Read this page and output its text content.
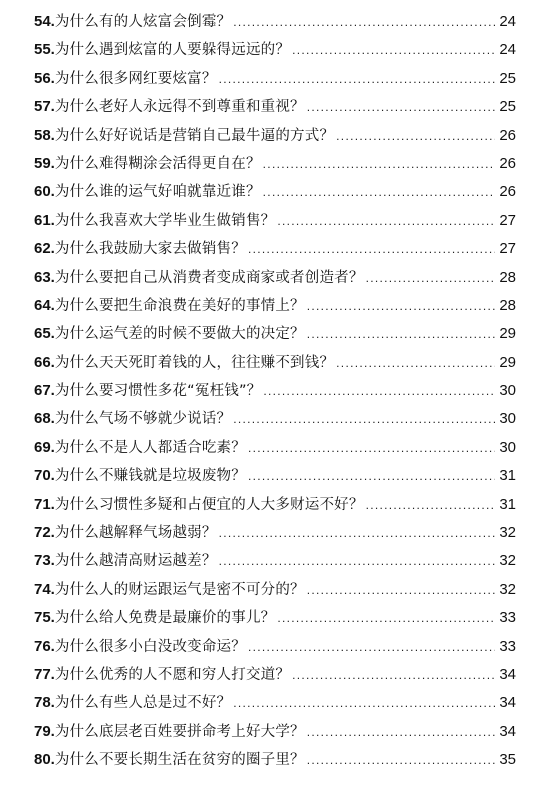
54. 为什么有的人炫富会倒霉？ .....	24
55. 为什么遇到炫富的人要躲得远远的？ .....	24
56. 为什么很多网红要炫富？ .....	25
57. 为什么老好人永远得不到尊重和重视？ .....	25
58. 为什么好好说话是营销自己最牛逼的方式？ .....	26
59. 为什么难得糊涂会活得更自在？ .....	26
60. 为什么谁的运气好咱就靠近谁？ .....	26
61. 为什么我喜欢大学毕业生做销售？ .....	27
62. 为什么我鼓励大家去做销售？ .....	27
63. 为什么要把自己从消费者变成商家或者创造者？ .....	28
64. 为什么要把生命浪费在美好的事情上？ .....	28
65. 为什么运气差的时候不要做大的决定？ .....	29
66. 为什么天天死盯着钱的人，往往赚不到钱？ .....	29
67. 为什么要习惯性多花“冤枉钱”？ .....	30
68. 为什么气场不够就少说话？ .....	30
69. 为什么不是人人都适合吃素？ .....	30
70. 为什么不赚钱就是垃圾废物？ .....	31
71. 为什么习惯性多疑和占便宜的人大多财运不好？ .....	31
72. 为什么越解释气场越弱？ .....	32
73. 为什么越清高财运越差？ .....	32
74. 为什么人的财运跟运气是密不可分的？ .....	32
75. 为什么给人免费是最廉价的事儿？ .....	33
76. 为什么很多小白没改变命运？ .....	33
77. 为什么优秀的人不愿和穷人打交道？ .....	34
78. 为什么有些人总是过不好？ .....	34
79. 为什么底层老百姓要拼命考上好大学？ .....	34
80. 为什么不要长期生活在贫穷的圈子里？ .....	35
